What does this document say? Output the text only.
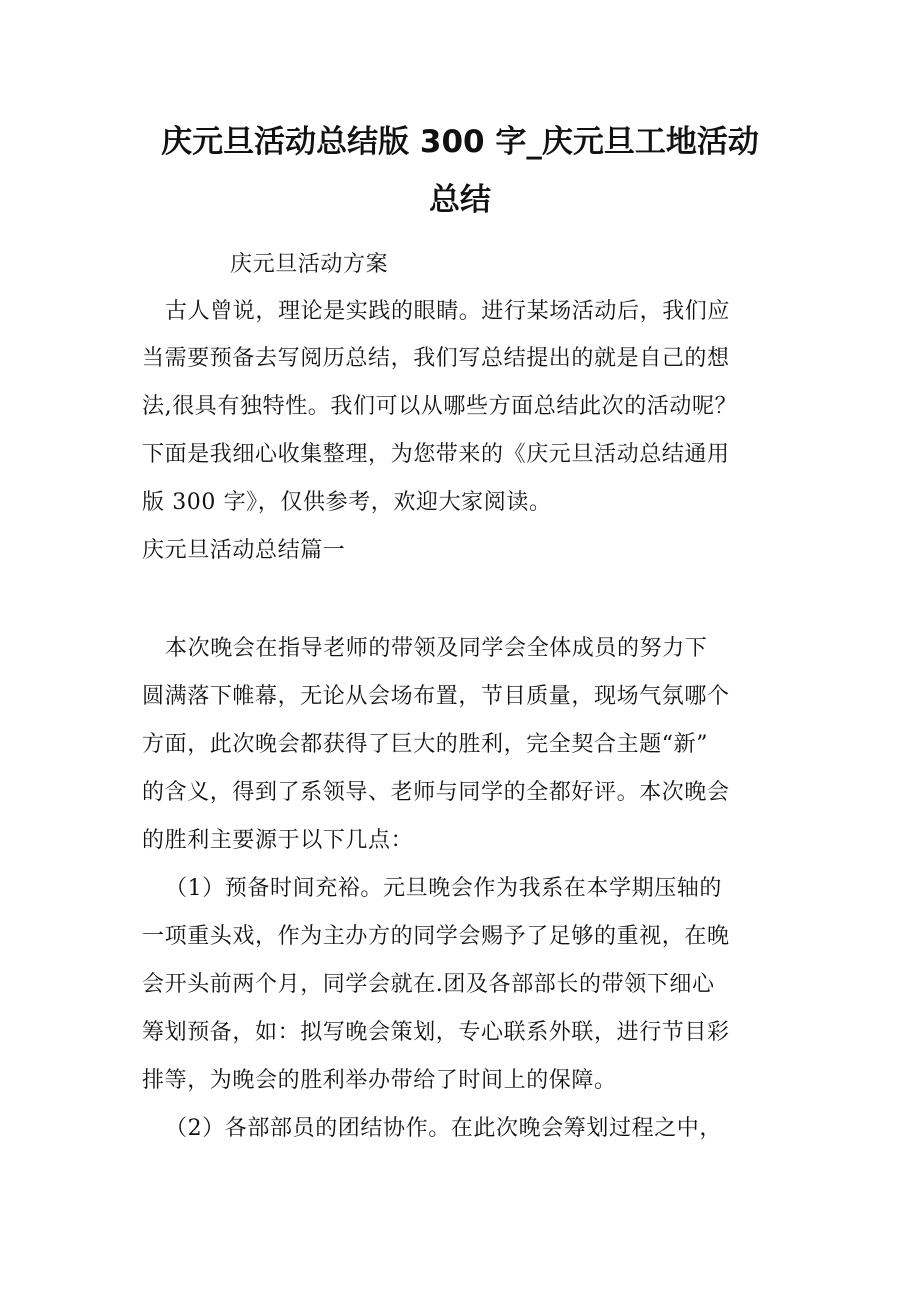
庆元旦活动总结版 300 字_庆元旦工地活动
总结

庆元旦活动方案

古人曾说，理论是实践的眼睛。进行某场活动后，我们应

当需要预备去写阅历总结，我们写总结提出的就是自己的想

法,很具有独特性。我们可以从哪些方面总结此次的活动呢？

下面是我细心收集整理，为您带来的《庆元旦活动总结通用

版 300 字》，仅供参考，欢迎大家阅读。

庆元旦活动总结篇一

本次晚会在指导老师的带领及同学会全体成员的努力下

圆满落下帷幕，无论从会场布置，节目质量，现场气氛哪个

方面，此次晚会都获得了巨大的胜利，完全契合主题“新”

的含义，得到了系领导、老师与同学的全都好评。本次晚会

的胜利主要源于以下几点：

（1）预备时间充裕。元旦晚会作为我系在本学期压轴的

一项重头戏，作为主办方的同学会赐予了足够的重视，在晚

会开头前两个月，同学会就在.团及各部部长的带领下细心

筹划预备，如：拟写晚会策划，专心联系外联，进行节目彩

排等，为晚会的胜利举办带给了时间上的保障。

（2）各部部员的团结协作。在此次晚会筹划过程之中，
